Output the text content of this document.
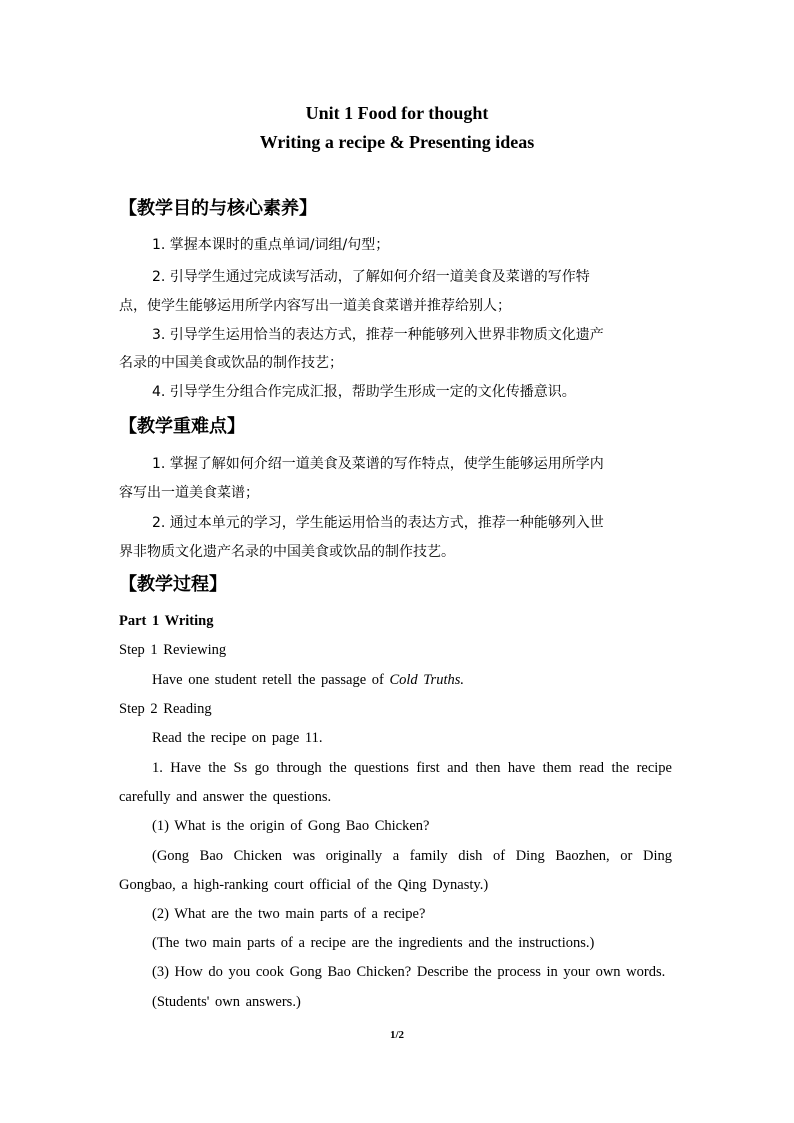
Unit 1 Food for thought
Writing a recipe & Presenting ideas
【教学目的与核心素养】
1. 掌握本课时的重点单词/词组/句型；
2. 引导学生通过完成读写活动，了解如何介绍一道美食及菜谱的写作特
点，使学生能够运用所学内容写出一道美食菜谱并推荐给别人；
3. 引导学生运用恰当的表达方式，推荐一种能够列入世界非物质文化遗产
名录的中国美食或饮品的制作技艺；
4. 引导学生分组合作完成汇报，帮助学生形成一定的文化传播意识。
【教学重难点】
1. 掌握了解如何介绍一道美食及菜谱的写作特点，使学生能够运用所学内
容写出一道美食菜谱；
2. 通过本单元的学习，学生能运用恰当的表达方式，推荐一种能够列入世
界非物质文化遗产名录的中国美食或饮品的制作技艺。
【教学过程】
Part 1 Writing
Step 1 Reviewing
Have one student retell the passage of Cold Truths.
Step 2 Reading
Read the recipe on page 11.
1. Have the Ss go through the questions first and then have them read the recipe
carefully and answer the questions.
(1) What is the origin of Gong Bao Chicken?
(Gong Bao Chicken was originally a family dish of Ding Baozhen, or Ding
Gongbao, a high-ranking court official of the Qing Dynasty.)
(2) What are the two main parts of a recipe?
(The two main parts of a recipe are the ingredients and the instructions.)
(3) How do you cook Gong Bao Chicken? Describe the process in your own words.
(Students' own answers.)
1/2
